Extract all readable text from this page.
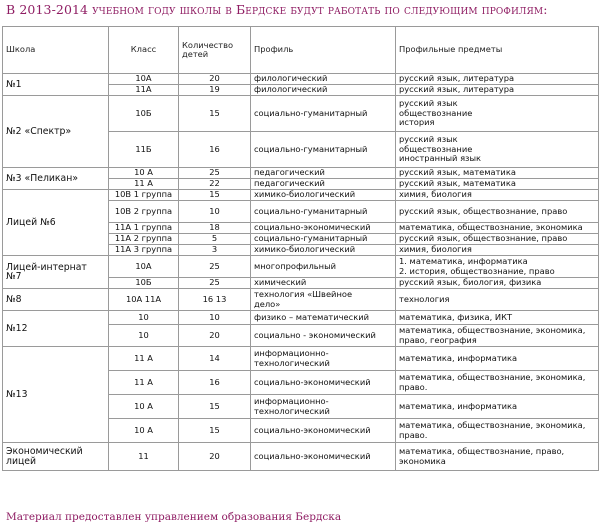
В 2013-2014 учебном году школы в Бердске будут работать по следующим профилям:
Школа	Класс	Количество детей	Профиль	Профильные предметы

№1	10А	20	филологический	русский язык, литература

	11А	19	филологический	русский язык, литература

№2 «Спектр»	10Б	15	социально-гуманитарный	русский язык
обществознание
история

	11Б	16	социально-гуманитарный	русский язык
обществознание
иностранный язык

№3 «Пеликан»	10 А	25	педагогический	русский язык, математика

	11 А	22	педагогический	русский язык, математика

Лицей №6	10В 1 группа	15	химико-биологический	химия, биология

	10В 2 группа	10	социально-гуманитарный	русский язык, обществознание, право

	11А 1 группа	18	социально-экономический	математика, обществознание, экономика

	11А 2 группа	5	социально-гуманитарный	русский язык, обществознание, право

	11А 3 группа	3	химико-биологический	химия, биология

Лицей-интернат №7	10А	25	многопрофильный	1. математика, информатика
2. история, обществознание, право

	10Б	25	химический	русский язык, биология, физика

№8	10А 11А	16 13	технология «Швейное
дело»	технология

№12	10	10	физико – математический	математика, физика, ИКТ

	10	20	социально - экономический	математика, обществознание, экономика,
право, география

№13	11 А	14	информационно-
технологический	математика, информатика

	11 А	16	социально-экономический	математика, обществознание, экономика,
право.

	10 А	15	информационно-
технологический	математика, информатика

	10 А	15	социально-экономический	математика, обществознание, экономика,
право.

Экономический лицей	11	20	социально-экономический	математика, обществознание, право,
экономика
Материал предоставлен управлением образования Бердска
